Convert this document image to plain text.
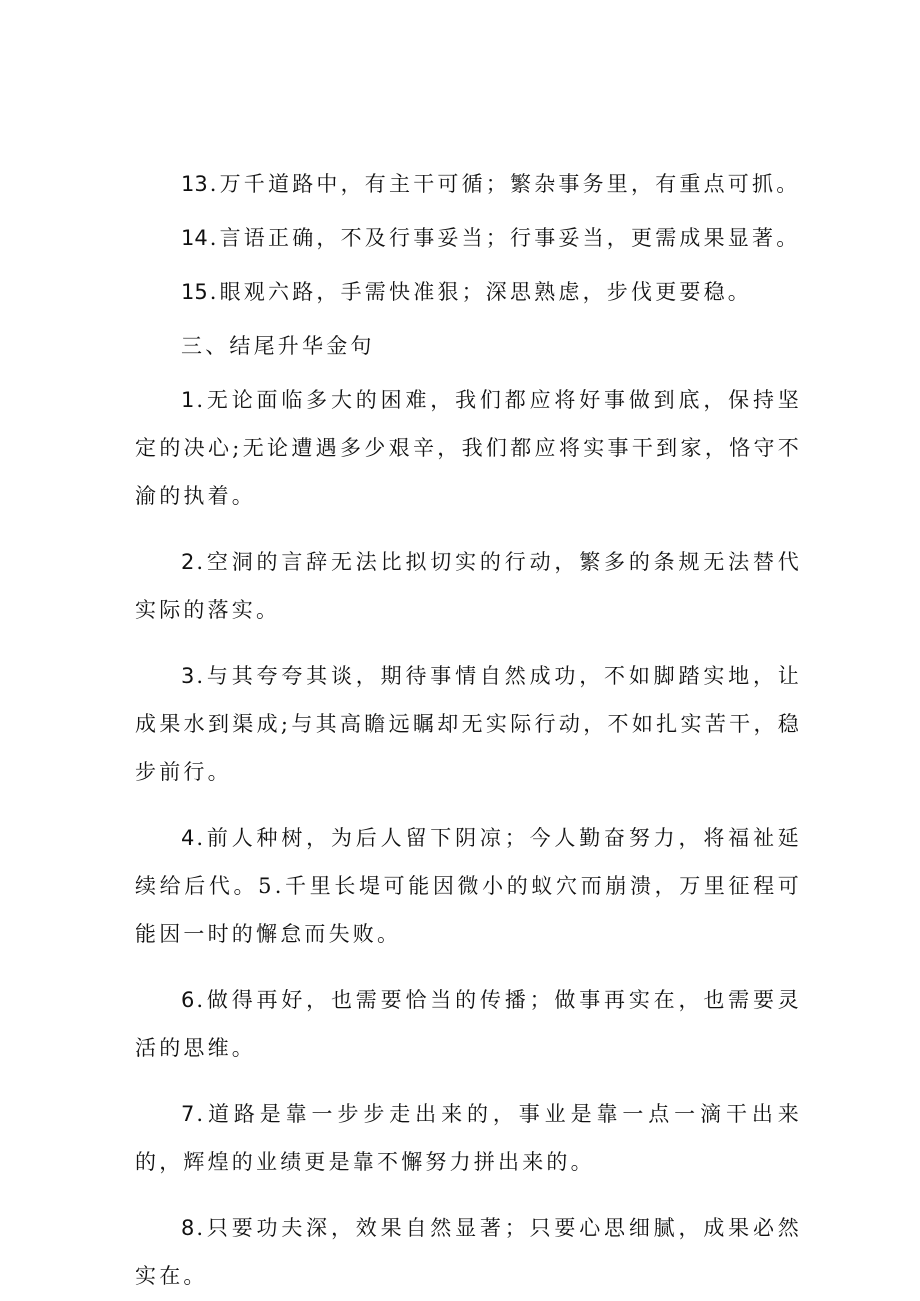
13.万千道路中，有主干可循；繁杂事务里，有重点可抓。

14.言语正确，不及行事妥当；行事妥当，更需成果显著。

15.眼观六路，手需快准狠；深思熟虑，步伐更要稳。

三、结尾升华金句

1.无论面临多大的困难，我们都应将好事做到底，保持坚定的决心;无论遭遇多少艰辛，我们都应将实事干到家，恪守不渝的执着。

2.空洞的言辞无法比拟切实的行动，繁多的条规无法替代实际的落实。

3.与其夸夸其谈，期待事情自然成功，不如脚踏实地，让成果水到渠成;与其高瞻远瞩却无实际行动，不如扎实苦干，稳步前行。

4.前人种树，为后人留下阴凉；今人勤奋努力，将福祉延续给后代。5.千里长堤可能因微小的蚁穴而崩溃，万里征程可能因一时的懈怠而失败。

6.做得再好，也需要恰当的传播；做事再实在，也需要灵活的思维。

7.道路是靠一步步走出来的，事业是靠一点一滴干出来的，辉煌的业绩更是靠不懈努力拼出来的。

8.只要功夫深，效果自然显著；只要心思细腻，成果必然实在。
